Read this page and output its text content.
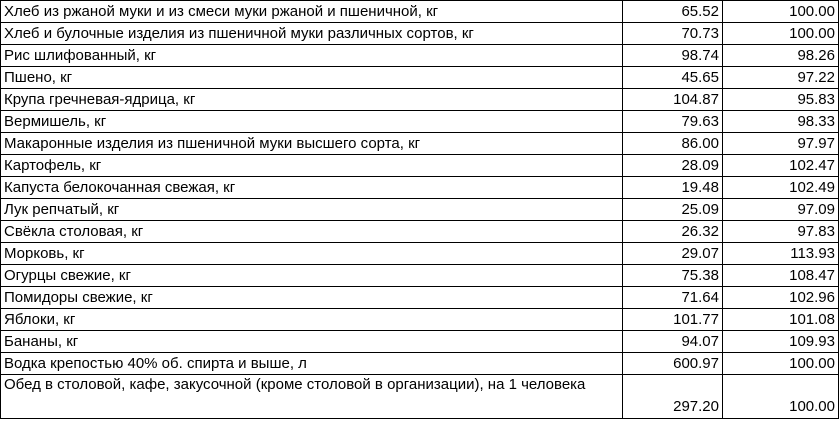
Хлеб из ржаной муки и из смеси муки ржаной и пшеничной, кг	65.52	100.00
Хлеб и булочные изделия из пшеничной муки различных сортов, кг	70.73	100.00
Рис шлифованный, кг	98.74	98.26
Пшено, кг	45.65	97.22
Крупа гречневая-ядрица, кг	104.87	95.83
Вермишель, кг	79.63	98.33
Макаронные изделия из пшеничной муки высшего сорта, кг	86.00	97.97
Картофель, кг	28.09	102.47
Капуста белокочанная свежая, кг	19.48	102.49
Лук репчатый, кг	25.09	97.09
Свёкла столовая, кг	26.32	97.83
Морковь, кг	29.07	113.93
Огурцы свежие, кг	75.38	108.47
Помидоры свежие, кг	71.64	102.96
Яблоки, кг	101.77	101.08
Бананы, кг	94.07	109.93
Водка крепостью 40% об. спирта и выше, л	600.97	100.00
Обед в столовой, кафе, закусочной (кроме столовой в организации), на 1 человека	297.20	100.00
